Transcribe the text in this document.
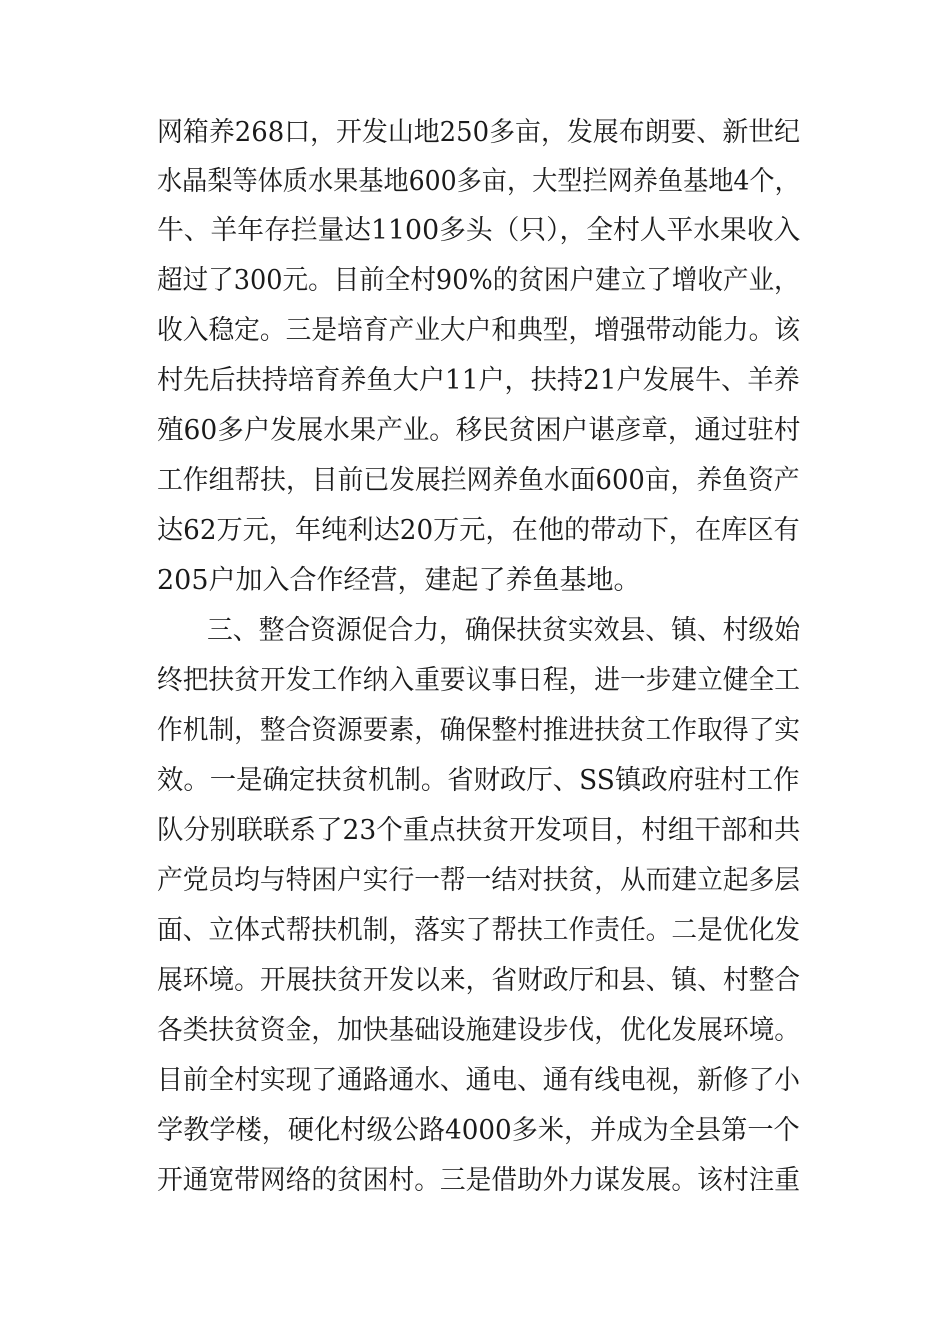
网箱养268口，开发山地250多亩，发展布朗要、新世纪
水晶梨等体质水果基地600多亩，大型拦网养鱼基地4个，
牛、羊年存拦量达1100多头（只），全村人平水果收入
超过了300元。目前全村90%的贫困户建立了增收产业，
收入稳定。三是培育产业大户和典型，增强带动能力。该
村先后扶持培育养鱼大户11户，扶持21户发展牛、羊养
殖60多户发展水果产业。移民贫困户谌彦章，通过驻村
工作组帮扶，目前已发展拦网养鱼水面600亩，养鱼资产
达62万元，年纯利达20万元，在他的带动下，在库区有
205户加入合作经营，建起了养鱼基地。
三、整合资源促合力，确保扶贫实效县、镇、村级始
终把扶贫开发工作纳入重要议事日程，进一步建立健全工
作机制，整合资源要素，确保整村推进扶贫工作取得了实
效。一是确定扶贫机制。省财政厅、SS镇政府驻村工作
队分别联联系了23个重点扶贫开发项目，村组干部和共
产党员均与特困户实行一帮一结对扶贫，从而建立起多层
面、立体式帮扶机制，落实了帮扶工作责任。二是优化发
展环境。开展扶贫开发以来，省财政厅和县、镇、村整合
各类扶贫资金，加快基础设施建设步伐，优化发展环境。
目前全村实现了通路通水、通电、通有线电视，新修了小
学教学楼，硬化村级公路4000多米，并成为全县第一个
开通宽带网络的贫困村。三是借助外力谋发展。该村注重
